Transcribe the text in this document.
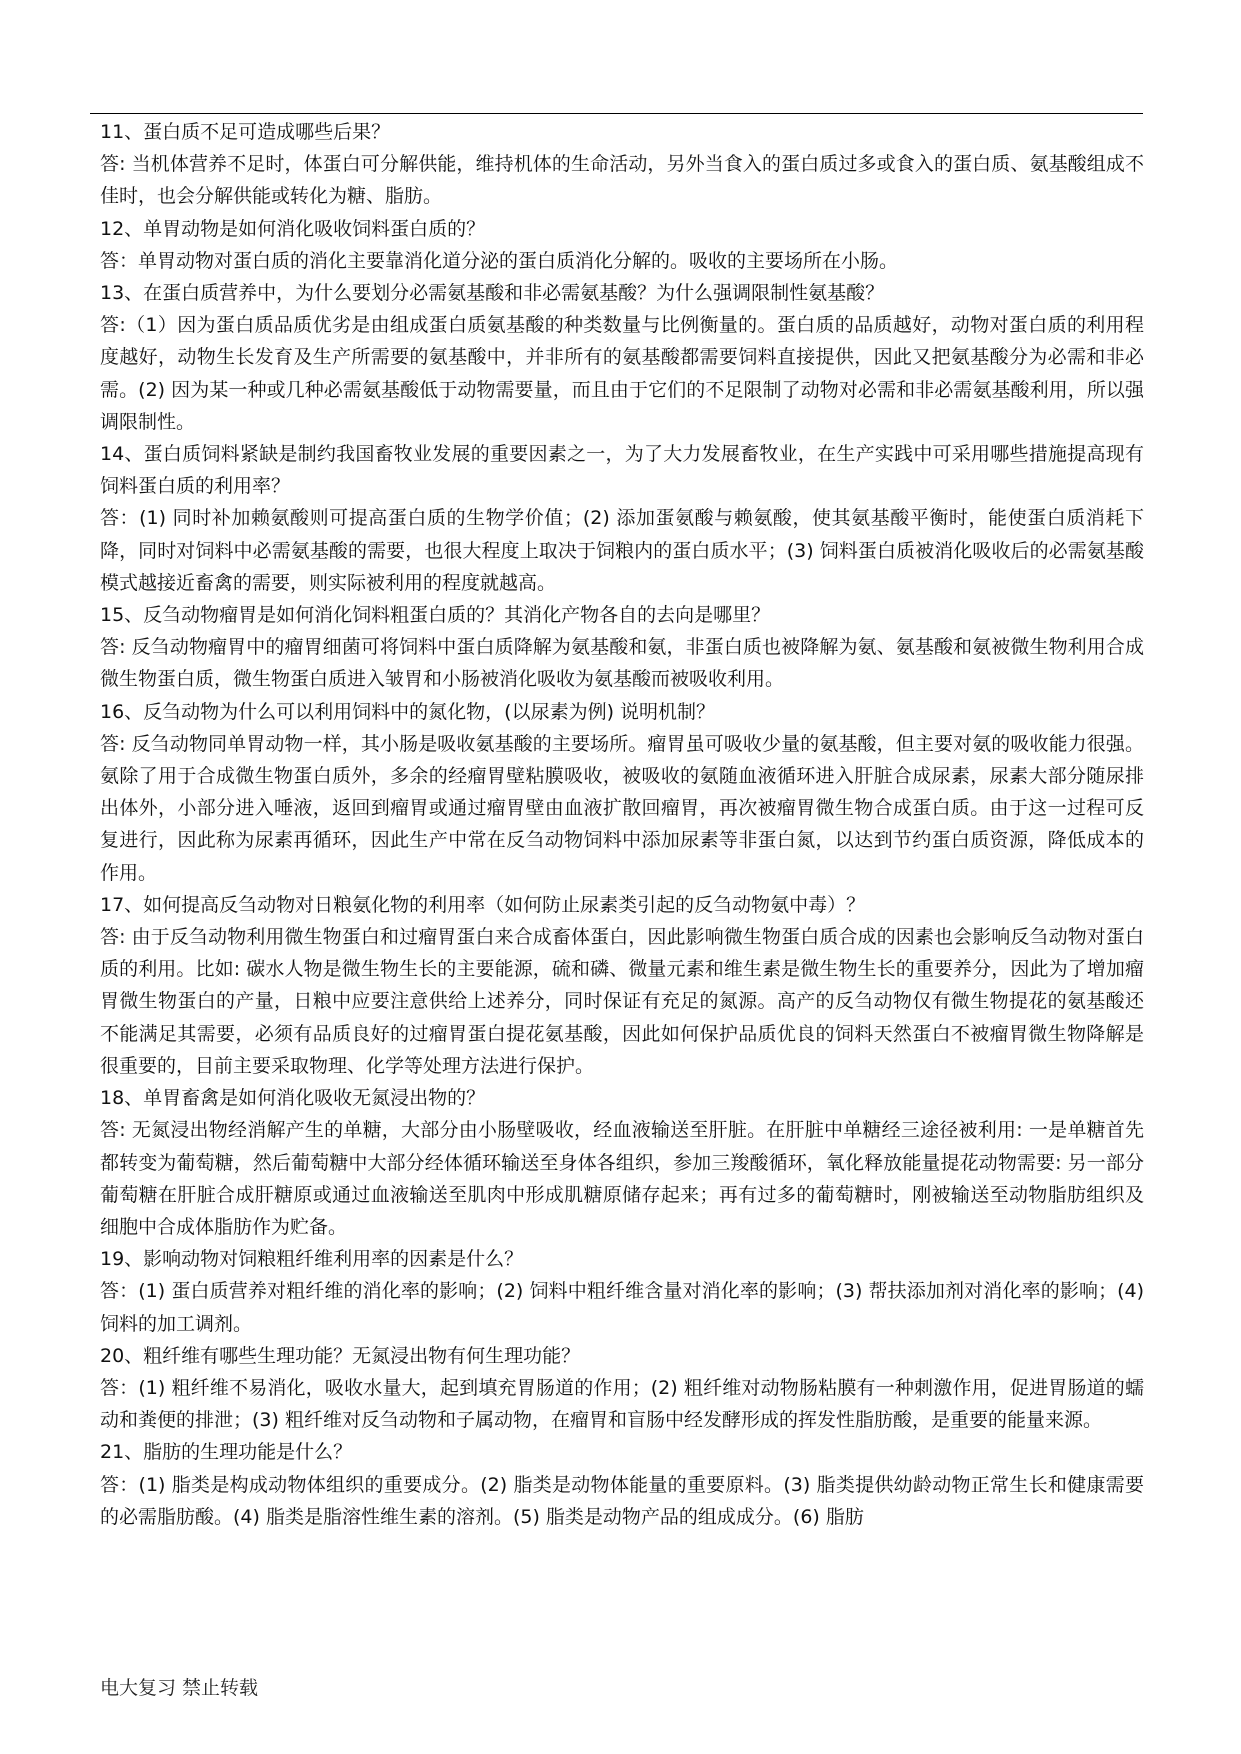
11、蛋白质不足可造成哪些后果？

答: 当机体营养不足时，体蛋白可分解供能，维持机体的生命活动，另外当食入的蛋白质过多或食入的蛋白质、氨基酸组成不佳时，也会分解供能或转化为糖、脂肪。

12、单胃动物是如何消化吸收饲料蛋白质的？

答：单胃动物对蛋白质的消化主要靠消化道分泌的蛋白质消化分解的。吸收的主要场所在小肠。

13、在蛋白质营养中，为什么要划分必需氨基酸和非必需氨基酸？为什么强调限制性氨基酸？

答:（1）因为蛋白质品质优劣是由组成蛋白质氨基酸的种类数量与比例衡量的。蛋白质的品质越好，动物对蛋白质的利用程度越好，动物生长发育及生产所需要的氨基酸中，并非所有的氨基酸都需要饲料直接提供，因此又把氨基酸分为必需和非必需。(2) 因为某一种或几种必需氨基酸低于动物需要量，而且由于它们的不足限制了动物对必需和非必需氨基酸利用，所以强调限制性。

14、蛋白质饲料紧缺是制约我国畜牧业发展的重要因素之一，为了大力发展畜牧业，在生产实践中可采用哪些措施提高现有饲料蛋白质的利用率？

答：(1) 同时补加赖氨酸则可提高蛋白质的生物学价值；(2) 添加蛋氨酸与赖氨酸，使其氨基酸平衡时，能使蛋白质消耗下降，同时对饲料中必需氨基酸的需要，也很大程度上取决于饲粮内的蛋白质水平；(3) 饲料蛋白质被消化吸收后的必需氨基酸模式越接近畜禽的需要，则实际被利用的程度就越高。

15、反刍动物瘤胃是如何消化饲料粗蛋白质的？其消化产物各自的去向是哪里？

答: 反刍动物瘤胃中的瘤胃细菌可将饲料中蛋白质降解为氨基酸和氨，非蛋白质也被降解为氨、氨基酸和氨被微生物利用合成微生物蛋白质，微生物蛋白质进入皱胃和小肠被消化吸收为氨基酸而被吸收利用。

16、反刍动物为什么可以利用饲料中的氮化物，(以尿素为例) 说明机制？

答: 反刍动物同单胃动物一样，其小肠是吸收氨基酸的主要场所。瘤胃虽可吸收少量的氨基酸，但主要对氨的吸收能力很强。氨除了用于合成微生物蛋白质外，多余的经瘤胃壁粘膜吸收，被吸收的氨随血液循环进入肝脏合成尿素，尿素大部分随尿排出体外，小部分进入唾液，返回到瘤胃或通过瘤胃壁由血液扩散回瘤胃，再次被瘤胃微生物合成蛋白质。由于这一过程可反复进行，因此称为尿素再循环，因此生产中常在反刍动物饲料中添加尿素等非蛋白氮，以达到节约蛋白质资源，降低成本的作用。

17、如何提高反刍动物对日粮氨化物的利用率（如何防止尿素类引起的反刍动物氨中毒）？

答: 由于反刍动物利用微生物蛋白和过瘤胃蛋白来合成畜体蛋白，因此影响微生物蛋白质合成的因素也会影响反刍动物对蛋白质的利用。比如: 碳水人物是微生物生长的主要能源，硫和磷、微量元素和维生素是微生物生长的重要养分，因此为了增加瘤胃微生物蛋白的产量，日粮中应要注意供给上述养分，同时保证有充足的氮源。高产的反刍动物仅有微生物提花的氨基酸还不能满足其需要，必须有品质良好的过瘤胃蛋白提花氨基酸，因此如何保护品质优良的饲料天然蛋白不被瘤胃微生物降解是很重要的，目前主要采取物理、化学等处理方法进行保护。

18、单胃畜禽是如何消化吸收无氮浸出物的？

答: 无氮浸出物经消解产生的单糖，大部分由小肠壁吸收，经血液输送至肝脏。在肝脏中单糖经三途径被利用: 一是单糖首先都转变为葡萄糖，然后葡萄糖中大部分经体循环输送至身体各组织，参加三羧酸循环，氧化释放能量提花动物需要: 另一部分葡萄糖在肝脏合成肝糖原或通过血液输送至肌肉中形成肌糖原储存起来；再有过多的葡萄糖时，刚被输送至动物脂肪组织及细胞中合成体脂肪作为贮备。

19、影响动物对饲粮粗纤维利用率的因素是什么？

答：(1) 蛋白质营养对粗纤维的消化率的影响；(2) 饲料中粗纤维含量对消化率的影响；(3) 帮扶添加剂对消化率的影响；(4) 饲料的加工调剂。

20、粗纤维有哪些生理功能？无氮浸出物有何生理功能？

答：(1) 粗纤维不易消化，吸收水量大，起到填充胃肠道的作用；(2) 粗纤维对动物肠粘膜有一种刺激作用，促进胃肠道的蠕动和粪便的排泄；(3) 粗纤维对反刍动物和子属动物，在瘤胃和盲肠中经发酵形成的挥发性脂肪酸，是重要的能量来源。

21、脂肪的生理功能是什么？

答：(1) 脂类是构成动物体组织的重要成分。(2) 脂类是动物体能量的重要原料。(3) 脂类提供幼龄动物正常生长和健康需要的必需脂肪酸。(4) 脂类是脂溶性维生素的溶剂。(5) 脂类是动物产品的组成成分。(6) 脂肪

电大复习 禁止转载
